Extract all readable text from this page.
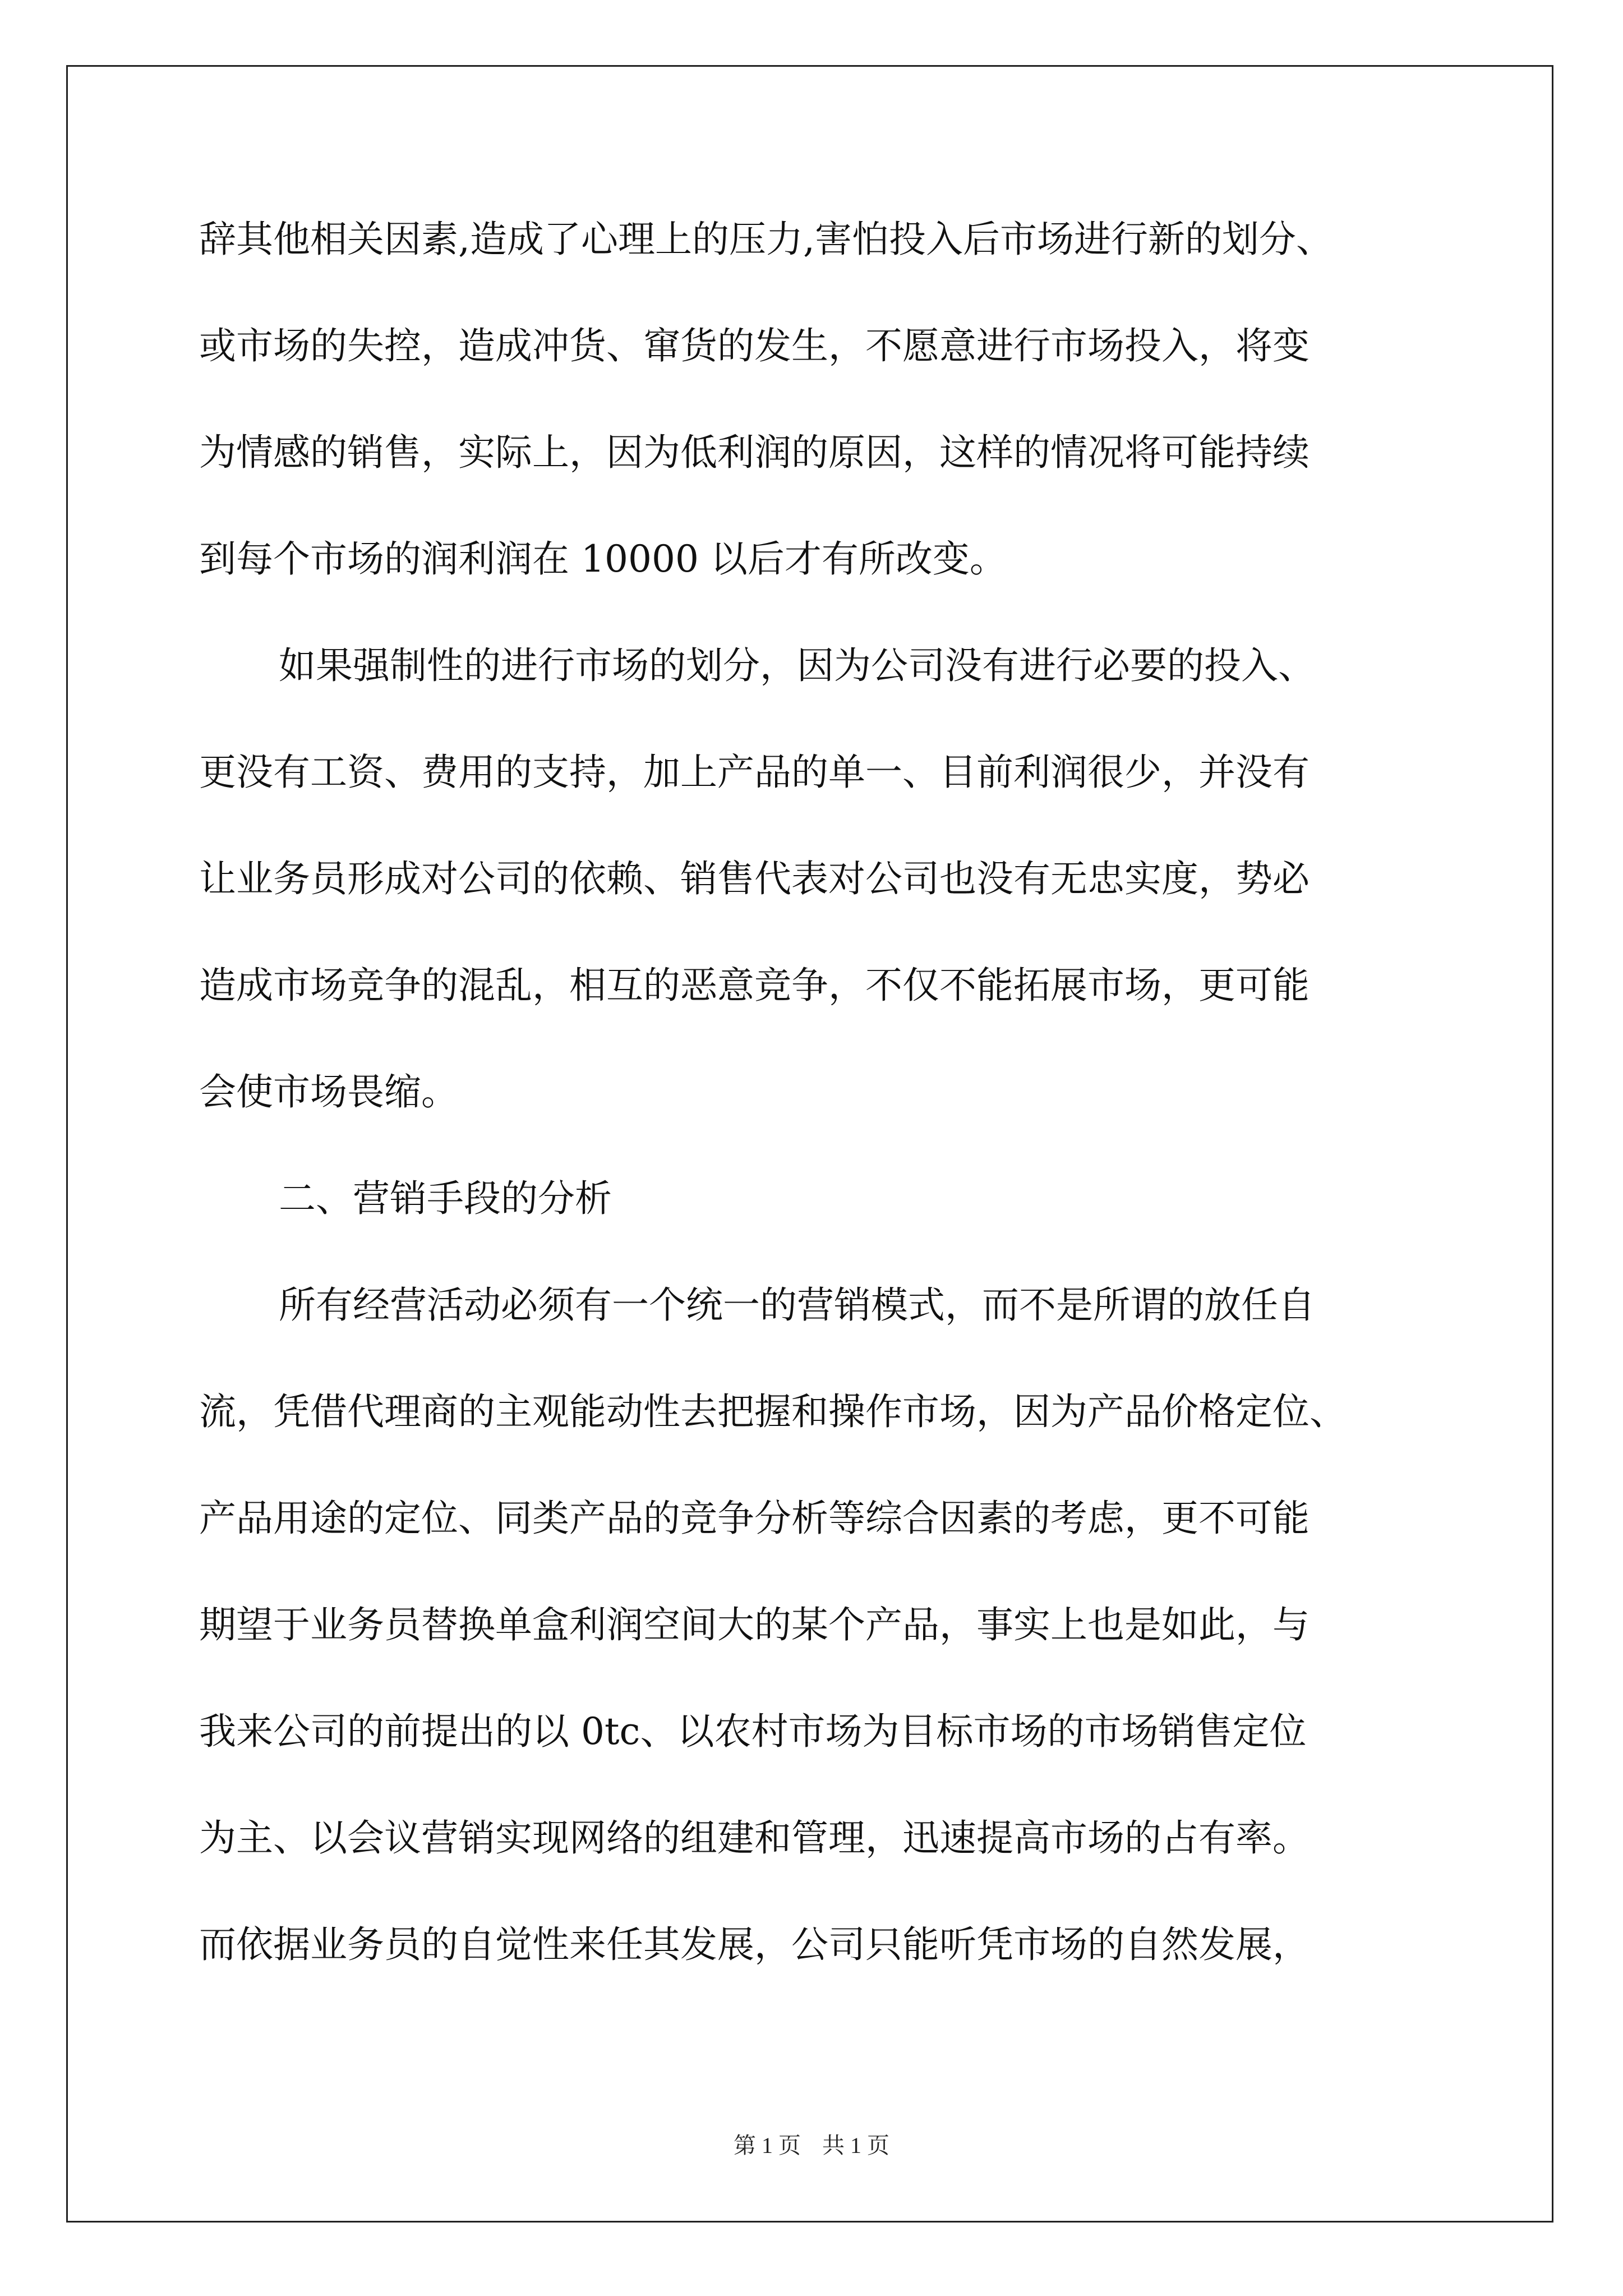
辞其他相关因素,造成了心理上的压力,害怕投入后市场进行新的划分、

或市场的失控，造成冲货、窜货的发生，不愿意进行市场投入，将变

为情感的销售，实际上，因为低利润的原因，这样的情况将可能持续

到每个市场的润利润在 10000 以后才有所改变。

如果强制性的进行市场的划分，因为公司没有进行必要的投入、

更没有工资、费用的支持，加上产品的单一、目前利润很少，并没有

让业务员形成对公司的依赖、销售代表对公司也没有无忠实度，势必

造成市场竞争的混乱，相互的恶意竞争，不仅不能拓展市场，更可能

会使市场畏缩。

二、营销手段的分析

所有经营活动必须有一个统一的营销模式，而不是所谓的放任自

流，凭借代理商的主观能动性去把握和操作市场，因为产品价格定位、

产品用途的定位、同类产品的竞争分析等综合因素的考虑，更不可能

期望于业务员替换单盒利润空间大的某个产品，事实上也是如此，与

我来公司的前提出的以 0tc、以农村市场为目标市场的市场销售定位

为主、以会议营销实现网络的组建和管理，迅速提高市场的占有率。

而依据业务员的自觉性来任其发展，公司只能听凭市场的自然发展，

第 1 页 共 1 页
